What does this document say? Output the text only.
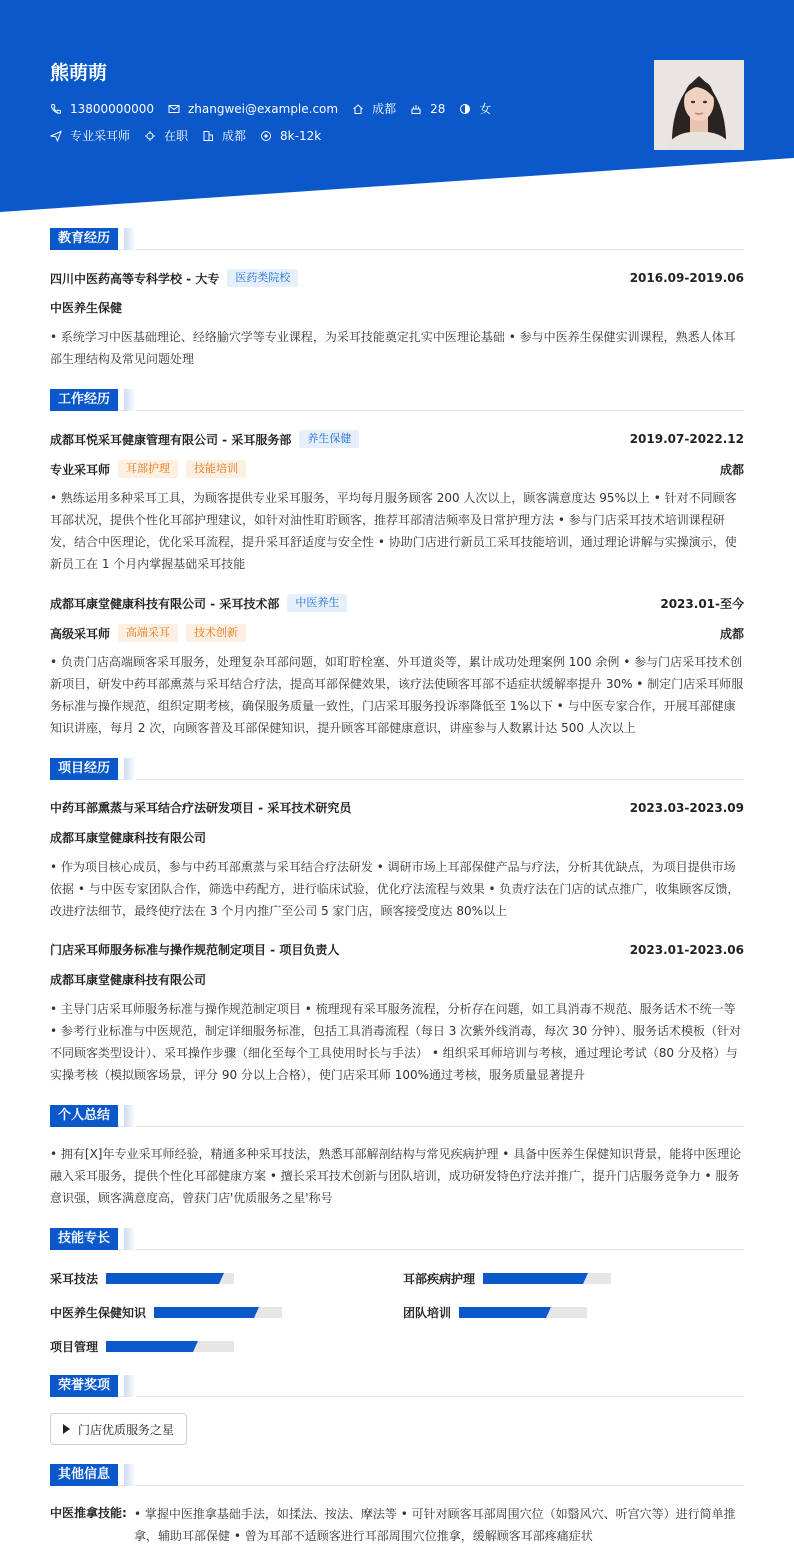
熊萌萌
13800000000	zhangwei@example.com	成都	28	女
专业采耳师	在职	成都	8k-12k
教育经历
四川中医药高等专科学校 - 大专	医药类院校	2016.09-2019.06
中医养生保健
• 系统学习中医基础理论、经络腧穴学等专业课程，为采耳技能奠定扎实中医理论基础 • 参与中医养生保健实训课程，熟悉人体耳部生理结构及常见问题处理
工作经历
成都耳悦采耳健康管理有限公司 - 采耳服务部	养生保健	2019.07-2022.12
专业采耳师	耳部护理	技能培训	成都
• 熟练运用多种采耳工具，为顾客提供专业采耳服务，平均每月服务顾客 200 人次以上，顾客满意度达 95%以上 • 针对不同顾客耳部状况，提供个性化耳部护理建议，如针对油性耵聍顾客，推荐耳部清洁频率及日常护理方法 • 参与门店采耳技术培训课程研发，结合中医理论，优化采耳流程，提升采耳舒适度与安全性 • 协助门店进行新员工采耳技能培训，通过理论讲解与实操演示，使新员工在 1 个月内掌握基础采耳技能
成都耳康堂健康科技有限公司 - 采耳技术部	中医养生	2023.01-至今
高级采耳师	高端采耳	技术创新	成都
• 负责门店高端顾客采耳服务，处理复杂耳部问题，如耵聍栓塞、外耳道炎等，累计成功处理案例 100 余例 • 参与门店采耳技术创新项目，研发中药耳部熏蒸与采耳结合疗法，提高耳部保健效果，该疗法使顾客耳部不适症状缓解率提升 30% • 制定门店采耳师服务标准与操作规范，组织定期考核，确保服务质量一致性，门店采耳服务投诉率降低至 1%以下 • 与中医专家合作，开展耳部健康知识讲座，每月 2 次，向顾客普及耳部保健知识，提升顾客耳部健康意识，讲座参与人数累计达 500 人次以上
项目经历
中药耳部熏蒸与采耳结合疗法研发项目 - 采耳技术研究员	2023.03-2023.09
成都耳康堂健康科技有限公司
• 作为项目核心成员，参与中药耳部熏蒸与采耳结合疗法研发 • 调研市场上耳部保健产品与疗法，分析其优缺点，为项目提供市场依据 • 与中医专家团队合作，筛选中药配方，进行临床试验，优化疗法流程与效果 • 负责疗法在门店的试点推广，收集顾客反馈，改进疗法细节，最终使疗法在 3 个月内推广至公司 5 家门店，顾客接受度达 80%以上
门店采耳师服务标准与操作规范制定项目 - 项目负责人	2023.01-2023.06
成都耳康堂健康科技有限公司
• 主导门店采耳师服务标准与操作规范制定项目 • 梳理现有采耳服务流程，分析存在问题，如工具消毒不规范、服务话术不统一等 • 参考行业标准与中医规范，制定详细服务标准，包括工具消毒流程（每日 3 次紫外线消毒，每次 30 分钟）、服务话术模板（针对不同顾客类型设计）、采耳操作步骤（细化至每个工具使用时长与手法） • 组织采耳师培训与考核，通过理论考试（80 分及格）与实操考核（模拟顾客场景，评分 90 分以上合格），使门店采耳师 100%通过考核，服务质量显著提升
个人总结
• 拥有[X]年专业采耳师经验，精通多种采耳技法，熟悉耳部解剖结构与常见疾病护理 • 具备中医养生保健知识背景，能将中医理论融入采耳服务，提供个性化耳部健康方案 • 擅长采耳技术创新与团队培训，成功研发特色疗法并推广，提升门店服务竞争力 • 服务意识强，顾客满意度高，曾获门店'优质服务之星'称号
技能专长
采耳技法	耳部疾病护理
中医养生保健知识	团队培训
项目管理
荣誉奖项
门店优质服务之星
其他信息
中医推拿技能: • 掌握中医推拿基础手法，如揉法、按法、摩法等 • 可针对顾客耳部周围穴位（如翳风穴、听宫穴等）进行简单推拿，辅助耳部保健 • 曾为耳部不适顾客进行耳部周围穴位推拿，缓解顾客耳部疼痛症状
